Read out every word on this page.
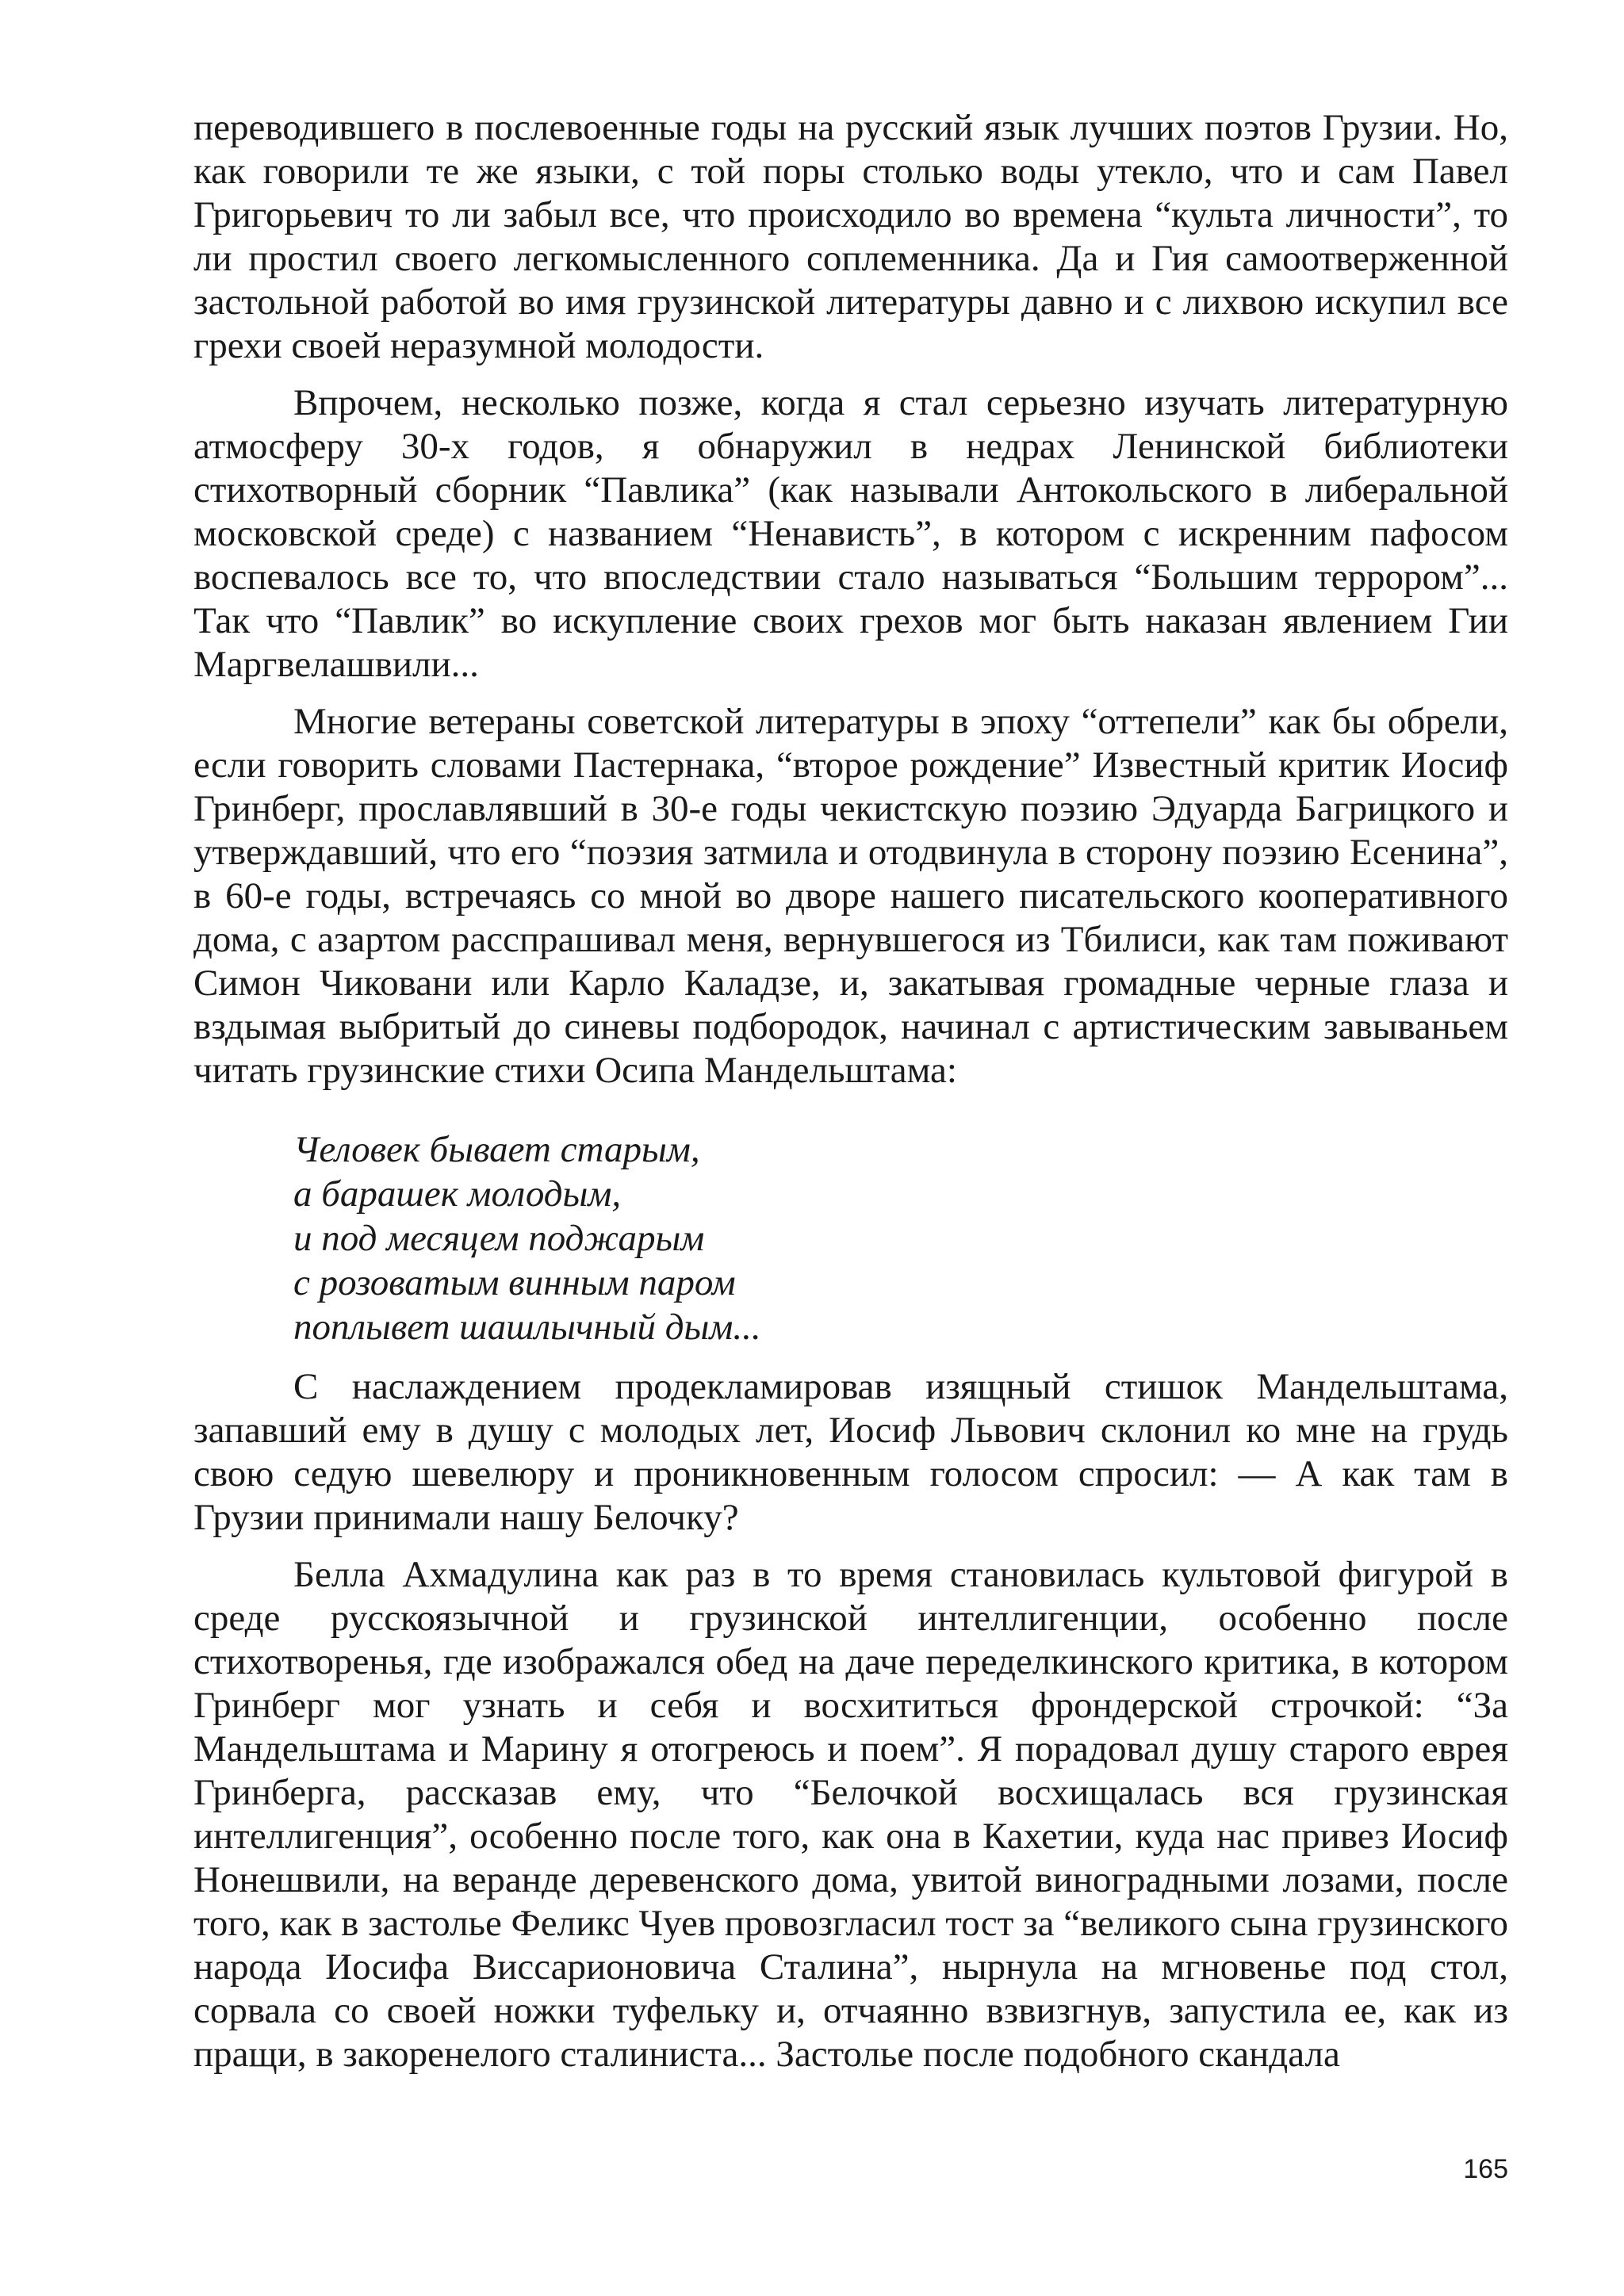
переводившего в послевоенные годы на русский язык лучших поэтов Грузии. Но, как говорили те же языки, с той поры столько воды утекло, что и сам Павел Григорьевич то ли забыл все, что происходило во времена “культа личности”, то ли простил своего легкомысленного соплеменника. Да и Гия самоотверженной застольной работой во имя грузинской литературы давно и с лихвою искупил все грехи своей неразумной молодости.

Впрочем, несколько позже, когда я стал серьезно изучать литературную атмосферу 30-х годов, я обнаружил в недрах Ленинской библиотеки стихотворный сборник “Павлика” (как называли Антокольского в либеральной московской среде) с названием “Ненависть”, в котором с искренним пафосом воспевалось все то, что впоследствии стало называться “Большим террором”... Так что “Павлик” во искупление своих грехов мог быть наказан явлением Гии Маргвелашвили...

Многие ветераны советской литературы в эпоху “оттепели” как бы обрели, если говорить словами Пастернака, “второе рождение” Известный критик Иосиф Гринберг, прославлявший в 30-е годы чекистскую поэзию Эдуарда Багрицкого и утверждавший, что его “поэзия затмила и отодвинула в сторону поэзию Есенина”, в 60-е годы, встречаясь со мной во дворе нашего писательского кооперативного дома, с азартом расспрашивал меня, вернувшегося из Тбилиси, как там поживают Симон Чиковани или Карло Каладзе, и, закатывая громадные черные глаза и вздымая выбритый до синевы подбородок, начинал с артистическим завываньем читать грузинские стихи Осипа Мандельштама:

Человек бывает старым,
а барашек молодым,
и под месяцем поджарым
с розоватым винным паром
поплывет шашлычный дым...

С наслаждением продекламировав изящный стишок Мандельштама, запавший ему в душу с молодых лет, Иосиф Львович склонил ко мне на грудь свою седую шевелюру и проникновенным голосом спросил: — А как там в Грузии принимали нашу Белочку?

Белла Ахмадулина как раз в то время становилась культовой фигурой в среде русскоязычной и грузинской интеллигенции, особенно после стихотворенья, где изображался обед на даче переделкинского критика, в котором Гринберг мог узнать и себя и восхититься фрондерской строчкой: “За Мандельштама и Марину я отогреюсь и поем”. Я порадовал душу старого еврея Гринберга, рассказав ему, что “Белочкой восхищалась вся грузинская интеллигенция”, особенно после того, как она в Кахетии, куда нас привез Иосиф Нонешвили, на веранде деревенского дома, увитой виноградными лозами, после того, как в застолье Феликс Чуев провозгласил тост за “великого сына грузинского народа Иосифа Виссарионовича Сталина”, нырнула на мгновенье под стол, сорвала со своей ножки туфельку и, отчаянно взвизгнув, запустила ее, как из пращи, в закоренелого сталиниста... Застолье после подобного скандала

165
